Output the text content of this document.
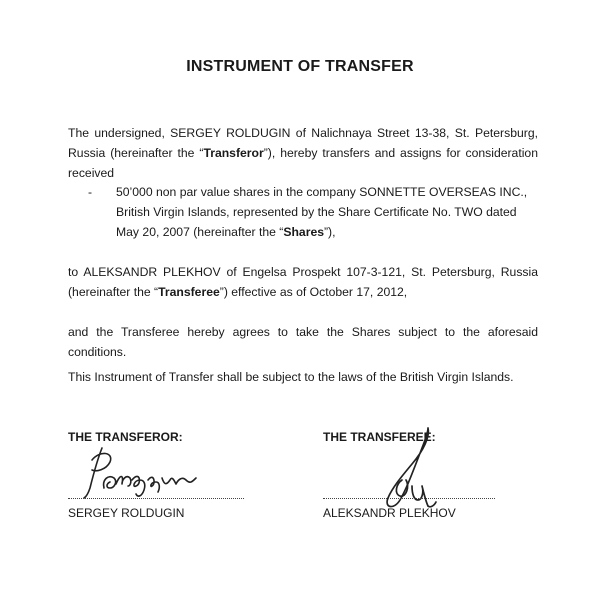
INSTRUMENT OF TRANSFER
The undersigned, SERGEY ROLDUGIN of Nalichnaya Street 13-38, St. Petersburg, Russia (hereinafter the “Transferor”), hereby transfers and assigns for consideration received
- 50’000 non par value shares in the company SONNETTE OVERSEAS INC., British Virgin Islands, represented by the Share Certificate No. TWO dated May 20, 2007 (hereinafter the “Shares”),
to ALEKSANDR PLEKHOV of Engelsa Prospekt 107-3-121, St. Petersburg, Russia (hereinafter the “Transferee”) effective as of October 17, 2012,
and the Transferee hereby agrees to take the Shares subject to the aforesaid conditions.
This Instrument of Transfer shall be subject to the laws of the British Virgin Islands.
THE TRANSFEROR:
SERGEY ROLDUGIN
THE TRANSFEREE:
ALEKSANDR PLEKHOV
